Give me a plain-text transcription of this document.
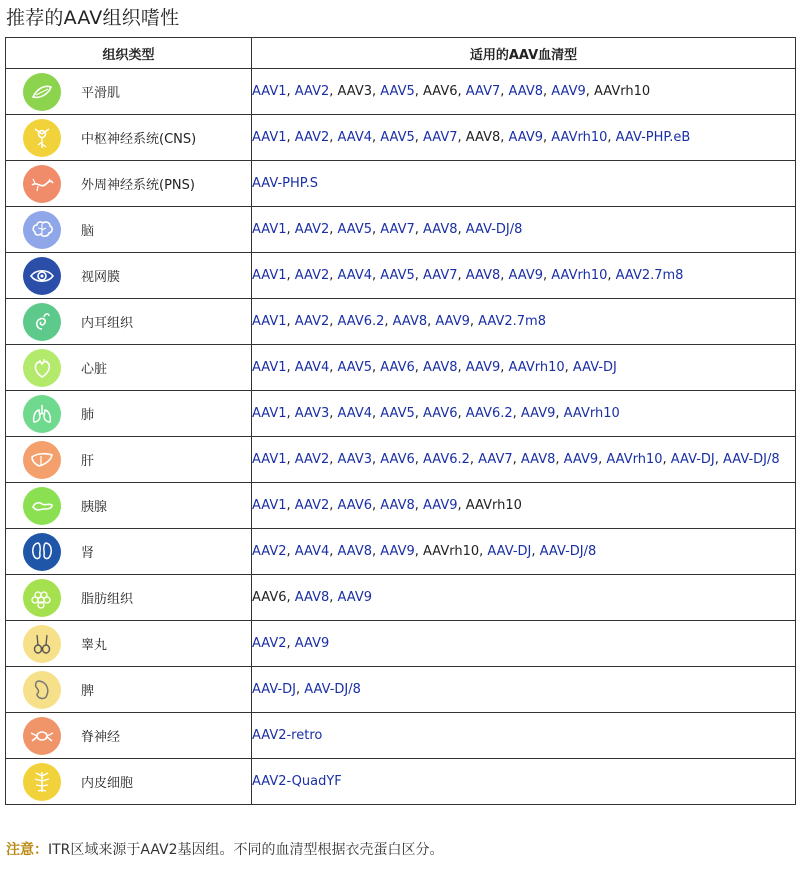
推荐的AAV组织嗜性
组织类型	适用的AAV血清型

平滑肌	AAV1, AAV2, AAV3, AAV5, AAV6, AAV7, AAV8, AAV9, AAVrh10

中枢神经系统(CNS)	AAV1, AAV2, AAV4, AAV5, AAV7, AAV8, AAV9, AAVrh10, AAV-PHP.eB

外周神经系统(PNS)	AAV-PHP.S

脑	AAV1, AAV2, AAV5, AAV7, AAV8, AAV-DJ/8

视网膜	AAV1, AAV2, AAV4, AAV5, AAV7, AAV8, AAV9, AAVrh10, AAV2.7m8

内耳组织	AAV1, AAV2, AAV6.2, AAV8, AAV9, AAV2.7m8

心脏	AAV1, AAV4, AAV5, AAV6, AAV8, AAV9, AAVrh10, AAV-DJ

肺	AAV1, AAV3, AAV4, AAV5, AAV6, AAV6.2, AAV9, AAVrh10

肝	AAV1, AAV2, AAV3, AAV6, AAV6.2, AAV7, AAV8, AAV9, AAVrh10, AAV-DJ, AAV-DJ/8

胰腺	AAV1, AAV2, AAV6, AAV8, AAV9, AAVrh10

肾	AAV2, AAV4, AAV8, AAV9, AAVrh10, AAV-DJ, AAV-DJ/8

脂肪组织	AAV6, AAV8, AAV9

睾丸	AAV2, AAV9

脾	AAV-DJ, AAV-DJ/8

脊神经	AAV2-retro

内皮细胞	AAV2-QuadYF
注意：ITR区域来源于AAV2基因组。不同的血清型根据衣壳蛋白区分。
